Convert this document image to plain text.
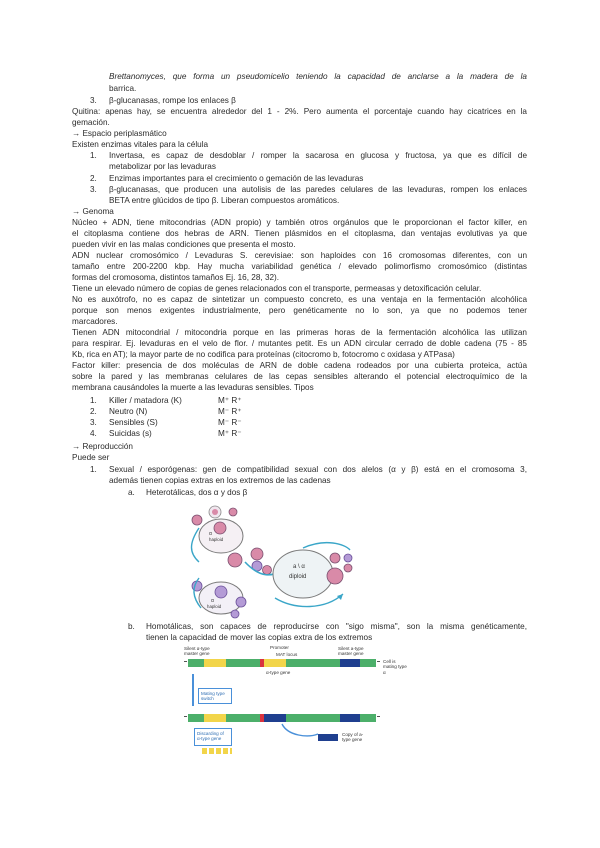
Brettanomyces, que forma un pseudomicelio teniendo la capacidad de anclarse a la madera de la
barrica.
3. β-glucanasas, rompe los enlaces β
Quitina: apenas hay, se encuentra alrededor del 1 - 2%. Pero aumenta el porcentaje cuando hay cicatrices en la
gemación.
→ Espacio periplasmático
Existen enzimas vitales para la célula
1. Invertasa, es capaz de desdoblar / romper la sacarosa en glucosa y fructosa, ya que es difícil de
metabolizar por las levaduras
2. Enzimas importantes para el crecimiento o gemación de las levaduras
3. β-glucanasas, que producen una autolisis de las paredes celulares de las levaduras, rompen los enlaces
BETA entre glúcidos de tipo β. Liberan compuestos aromáticos.
→ Genoma
Núcleo + ADN, tiene mitocondrias (ADN propio) y también otros orgánulos que le proporcionan el factor killer, en
el citoplasma contiene dos hebras de ARN. Tienen plásmidos en el citoplasma, dan ventajas evolutivas ya que
pueden vivir en las malas condiciones que presenta el mosto.
ADN nuclear cromosómico / Levaduras S. cerevisiae: son haploides con 16 cromosomas diferentes, con un
tamaño entre 200-2200 kbp. Hay mucha variabilidad genética / elevado polimorfismo cromosómico (distintas
formas del cromosoma, distintos tamaños Ej. 16, 28, 32).
Tiene un elevado número de copias de genes relacionados con el transporte, permeasas y detoxificación celular.
No es auxótrofo, no es capaz de sintetizar un compuesto concreto, es una ventaja en la fermentación alcohólica
porque son menos exigentes industrialmente, pero genéticamente no lo son, ya que no podemos tener
marcadores.
Tienen ADN mitocondrial / mitocondria porque en las primeras horas de la fermentación alcohólica las utilizan
para respirar. Ej. levaduras en el velo de flor. / mutantes petit. Es un ADN circular cerrado de doble cadena (75 - 85
Kb, rica en AT); la mayor parte de no codifica para proteínas (citocromo b, fotocromo c oxidasa y ATPasa)
Factor killer: presencia de dos moléculas de ARN de doble cadena rodeados por una cubierta proteica, actúa
sobre la pared y las membranas celulares de las cepas sensibles alterando el potencial electroquímico de la
membrana causándoles la muerte a las levaduras sensibles. Tipos
1. Killer / matadora (K)	M⁺ R⁺
2. Neutro (N)	M⁻ R⁺
3. Sensibles (S)	M⁻ R⁻
4. Suicidas (s)	M⁺ R⁻
→ Reproducción
Puede ser
1. Sexual / esporógenas: gen de compatibilidad sexual con dos alelos (α y β) está en el cromosoma 3,
además tienen copias extras en los extremos de las cadenas
a. Heterotálicas, dos α y dos β
α
haploid
a \ α
diploid
α
haploid
b. Homotálicas, son capaces de reproducirse con "sigo misma", son la misma genéticamente,
tienen la capacidad de mover las copias extra de los extremos
Silent α-type master gene
Promoter
MAT locus
Silent a-type master gene
Cell is mating type α
α-type gene
Mating type switch
Discarding of α-type gene
Copy of a-type gene
